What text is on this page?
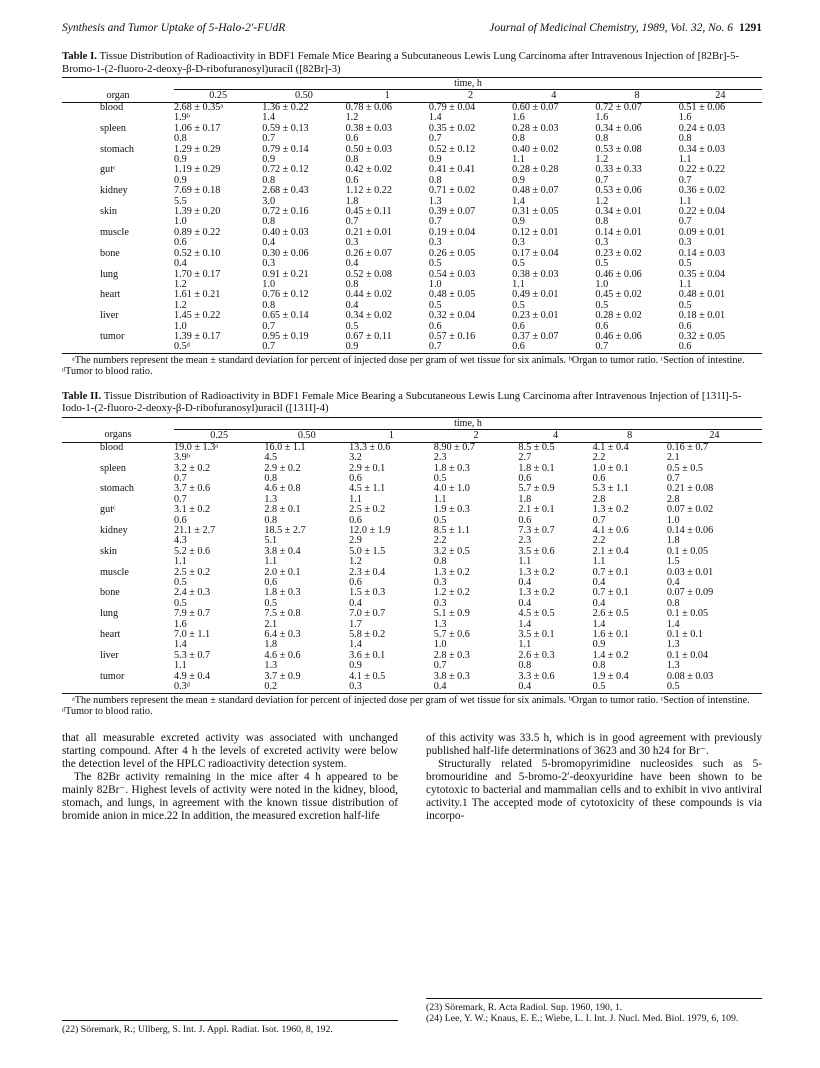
Synthesis and Tumor Uptake of 5-Halo-2′-FUdR	Journal of Medicinal Chemistry, 1989, Vol. 32, No. 6 1291
Table I. Tissue Distribution of Radioactivity in BDF1 Female Mice Bearing a Subcutaneous Lewis Lung Carcinoma after Intravenous Injection of [82Br]-5-Bromo-1-(2-fluoro-2-deoxy-β-D-ribofuranosyl)uracil ([82Br]-3)
	time, h						
organ	0.25	0.50	1	2	4	8	24
blood	2.68 ± 0.35ᵃ	1.36 ± 0.22	0.78 ± 0.06	0.79 ± 0.04	0.60 ± 0.07	0.72 ± 0.07	0.51 ± 0.06
	1.9ᵇ	1.4	1.2	1.4	1.6	1.6	1.6
spleen	1.06 ± 0.17	0.59 ± 0.13	0.38 ± 0.03	0.35 ± 0.02	0.28 ± 0.03	0.34 ± 0.06	0.24 ± 0.03
	0.8	0.7	0.6	0.7	0.8	0.8	0.8
stomach	1.29 ± 0.29	0.79 ± 0.14	0.50 ± 0.03	0.52 ± 0.12	0.40 ± 0.02	0.53 ± 0.08	0.34 ± 0.03
	0.9	0.9	0.8	0.9	1.1	1.2	1.1
gutᶜ	1.19 ± 0.29	0.72 ± 0.12	0.42 ± 0.02	0.41 ± 0.41	0.28 ± 0.28	0.33 ± 0.33	0.22 ± 0.22
	0.9	0.8	0.6	0.8	0.9	0.7	0.7
kidney	7.69 ± 0.18	2.68 ± 0.43	1.12 ± 0.22	0.71 ± 0.02	0.48 ± 0.07	0.53 ± 0.06	0.36 ± 0.02
	5.5	3.0	1.8	1.3	1.4	1.2	1.1
skin	1.39 ± 0.20	0.72 ± 0.16	0.45 ± 0.11	0.39 ± 0.07	0.31 ± 0.05	0.34 ± 0.01	0.22 ± 0.04
	1.0	0.8	0.7	0.7	0.9	0.8	0.7
muscle	0.89 ± 0.22	0.40 ± 0.03	0.21 ± 0.01	0.19 ± 0.04	0.12 ± 0.01	0.14 ± 0.01	0.09 ± 0.01
	0.6	0.4	0.3	0.3	0.3	0.3	0.3
bone	0.52 ± 0.10	0.30 ± 0.06	0.26 ± 0.07	0.26 ± 0.05	0.17 ± 0.04	0.23 ± 0.02	0.14 ± 0.03
	0.4	0.3	0.4	0.5	0.5	0.5	0.5
lung	1.70 ± 0.17	0.91 ± 0.21	0.52 ± 0.08	0.54 ± 0.03	0.38 ± 0.03	0.46 ± 0.06	0.35 ± 0.04
	1.2	1.0	0.8	1.0	1.1	1.0	1.1
heart	1.61 ± 0.21	0.76 ± 0.12	0.44 ± 0.02	0.48 ± 0.05	0.49 ± 0.01	0.45 ± 0.02	0.48 ± 0.01
	1.2	0.8	0.4	0.5	0.5	0.5	0.5
liver	1.45 ± 0.22	0.65 ± 0.14	0.34 ± 0.02	0.32 ± 0.04	0.23 ± 0.01	0.28 ± 0.02	0.18 ± 0.01
	1.0	0.7	0.5	0.6	0.6	0.6	0.6
tumor	1.39 ± 0.17	0.95 ± 0.19	0.67 ± 0.11	0.57 ± 0.16	0.37 ± 0.07	0.46 ± 0.06	0.32 ± 0.05
	0.5ᵈ	0.7	0.9	0.7	0.6	0.7	0.6
ᵃThe numbers represent the mean ± standard deviation for percent of injected dose per gram of wet tissue for six animals. ᵇOrgan to tumor ratio. ᶜSection of intestine. ᵈTumor to blood ratio.
Table II. Tissue Distribution of Radioactivity in BDF1 Female Mice Bearing a Subcutaneous Lewis Lung Carcinoma after Intravenous Injection of [131I]-5-Iodo-1-(2-fluoro-2-deoxy-β-D-ribofuranosyl)uracil ([131I]-4)
	time, h						
organs	0.25	0.50	1	2	4	8	24
blood	19.0 ± 1.3ᵃ	16.0 ± 1.1	13.3 ± 0.6	8.90 ± 0.7	8.5 ± 0.5	4.1 ± 0.4	0.16 ± 0.7
	3.9ᵇ	4.5	3.2	2.3	2.7	2.2	2.1
spleen	3.2 ± 0.2	2.9 ± 0.2	2.9 ± 0.1	1.8 ± 0.3	1.8 ± 0.1	1.0 ± 0.1	0.5 ± 0.5
	0.7	0.8	0.6	0.5	0.6	0.6	0.7
stomach	3.7 ± 0.6	4.6 ± 0.8	4.5 ± 1.1	4.0 ± 1.0	5.7 ± 0.9	5.3 ± 1.1	0.21 ± 0.08
	0.7	1.3	1.1	1.1	1.8	2.8	2.8
gutᶜ	3.1 ± 0.2	2.8 ± 0.1	2.5 ± 0.2	1.9 ± 0.3	2.1 ± 0.1	1.3 ± 0.2	0.07 ± 0.02
	0.6	0.8	0.6	0.5	0.6	0.7	1.0
kidney	21.1 ± 2.7	18.5 ± 2.7	12.0 ± 1.9	8.5 ± 1.1	7.3 ± 0.7	4.1 ± 0.6	0.14 ± 0.06
	4.3	5.1	2.9	2.2	2.3	2.2	1.8
skin	5.2 ± 0.6	3.8 ± 0.4	5.0 ± 1.5	3.2 ± 0.5	3.5 ± 0.6	2.1 ± 0.4	0.1 ± 0.05
	1.1	1.1	1.2	0.8	1.1	1.1	1.5
muscle	2.5 ± 0.2	2.0 ± 0.1	2.3 ± 0.4	1.3 ± 0.2	1.3 ± 0.2	0.7 ± 0.1	0.03 ± 0.01
	0.5	0.6	0.6	0.3	0.4	0.4	0.4
bone	2.4 ± 0.3	1.8 ± 0.3	1.5 ± 0.3	1.2 ± 0.2	1.3 ± 0.2	0.7 ± 0.1	0.07 ± 0.09
	0.5	0.5	0.4	0.3	0.4	0.4	0.8
lung	7.9 ± 0.7	7.5 ± 0.8	7.0 ± 0.7	5.1 ± 0.9	4.5 ± 0.5	2.6 ± 0.5	0.1 ± 0.05
	1.6	2.1	1.7	1.3	1.4	1.4	1.4
heart	7.0 ± 1.1	6.4 ± 0.3	5.8 ± 0.2	5.7 ± 0.6	3.5 ± 0.1	1.6 ± 0.1	0.1 ± 0.1
	1.4	1.8	1.4	1.0	1.1	0.9	1.3
liver	5.3 ± 0.7	4.6 ± 0.6	3.6 ± 0.1	2.8 ± 0.3	2.6 ± 0.3	1.4 ± 0.2	0.1 ± 0.04
	1.1	1.3	0.9	0.7	0.8	0.8	1.3
tumor	4.9 ± 0.4	3.7 ± 0.9	4.1 ± 0.5	3.8 ± 0.3	3.3 ± 0.6	1.9 ± 0.4	0.08 ± 0.03
	0.3ᵈ	0.2	0.3	0.4	0.4	0.5	0.5
ᵃThe numbers represent the mean ± standard deviation for percent of injected dose per gram of wet tissue for six animals. ᵇOrgan to tumor ratio. ᶜSection of intenstine. ᵈTumor to blood ratio.

that all measurable excreted activity was associated with unchanged starting compound. After 4 h the levels of excreted activity were below the detection level of the HPLC radioactivity detection system.

The 82Br activity remaining in the mice after 4 h appeared to be mainly 82Br⁻. Highest levels of activity were noted in the kidney, blood, stomach, and lungs, in agreement with the known tissue distribution of bromide anion in mice.22 In addition, the measured excretion half-life

of this activity was 33.5 h, which is in good agreement with previously published half-life determinations of 3623 and 30 h24 for Br⁻.

Structurally related 5-bromopyrimidine nucleosides such as 5-bromouridine and 5-bromo-2′-deoxyuridine have been shown to be cytotoxic to bacterial and mammalian cells and to exhibit in vivo antiviral activity.1 The accepted mode of cytotoxicity of these compounds is via incorpo-

(22) Söremark, R.; Ullberg, S. Int. J. Appl. Radiat. Isot. 1960, 8, 192.
(23) Söremark, R. Acta Radiol. Sup. 1960, 190, 1.
(24) Lee, Y. W.; Knaus, E. E.; Wiebe, L. I. Int. J. Nucl. Med. Biol. 1979, 6, 109.
